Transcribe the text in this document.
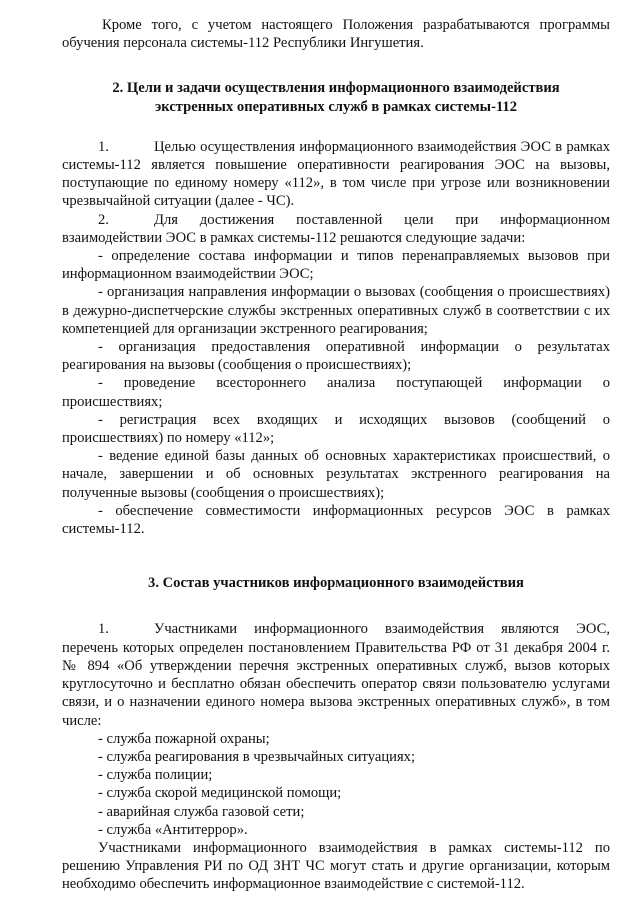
Кроме того, с учетом настоящего Положения разрабатываются программы обучения персонала системы-112 Республики Ингушетия.

2. Цели и задачи осуществления информационного взаимодействия
экстренных оперативных служб в рамках системы-112

1.	Целью осуществления информационного взаимодействия ЭОС в рамках системы-112 является повышение оперативности реагирования ЭОС на вызовы, поступающие по единому номеру «112», в том числе при угрозе или возникновении чрезвычайной ситуации (далее - ЧС).

2.	Для достижения поставленной цели при информационном взаимодействии ЭОС в рамках системы-112 решаются следующие задачи:

- определение состава информации и типов перенаправляемых вызовов при информационном взаимодействии ЭОС;

- организация направления информации о вызовах (сообщения о происшествиях) в дежурно-диспетчерские службы экстренных оперативных служб в соответствии с их компетенцией для организации экстренного реагирования;

- организация предоставления оперативной информации о результатах реагирования на вызовы (сообщения о происшествиях);

- проведение всестороннего анализа поступающей информации о происшествиях;

- регистрация всех входящих и исходящих вызовов (сообщений о происшествиях) по номеру «112»;

- ведение единой базы данных об основных характеристиках происшествий, о начале, завершении и об основных результатах экстренного реагирования на полученные вызовы (сообщения о происшествиях);

- обеспечение совместимости информационных ресурсов ЭОС в рамках системы-112.

3. Состав участников информационного взаимодействия

1.	Участниками информационного взаимодействия являются ЭОС, перечень которых определен постановлением Правительства РФ от 31 декабря 2004 г. № 894 «Об утверждении перечня экстренных оперативных служб, вызов которых круглосуточно и бесплатно обязан обеспечить оператор связи пользователю услугами связи, и о назначении единого номера вызова экстренных оперативных служб», в том числе:

- служба пожарной охраны;

- служба реагирования в чрезвычайных ситуациях;

- служба полиции;

- служба скорой медицинской помощи;

- аварийная служба газовой сети;

- служба «Антитеррор».

Участниками информационного взаимодействия в рамках системы-112 по решению Управления РИ по ОД ЗНТ ЧС могут стать и другие организации, которым необходимо обеспечить информационное взаимодействие с системой-112.
